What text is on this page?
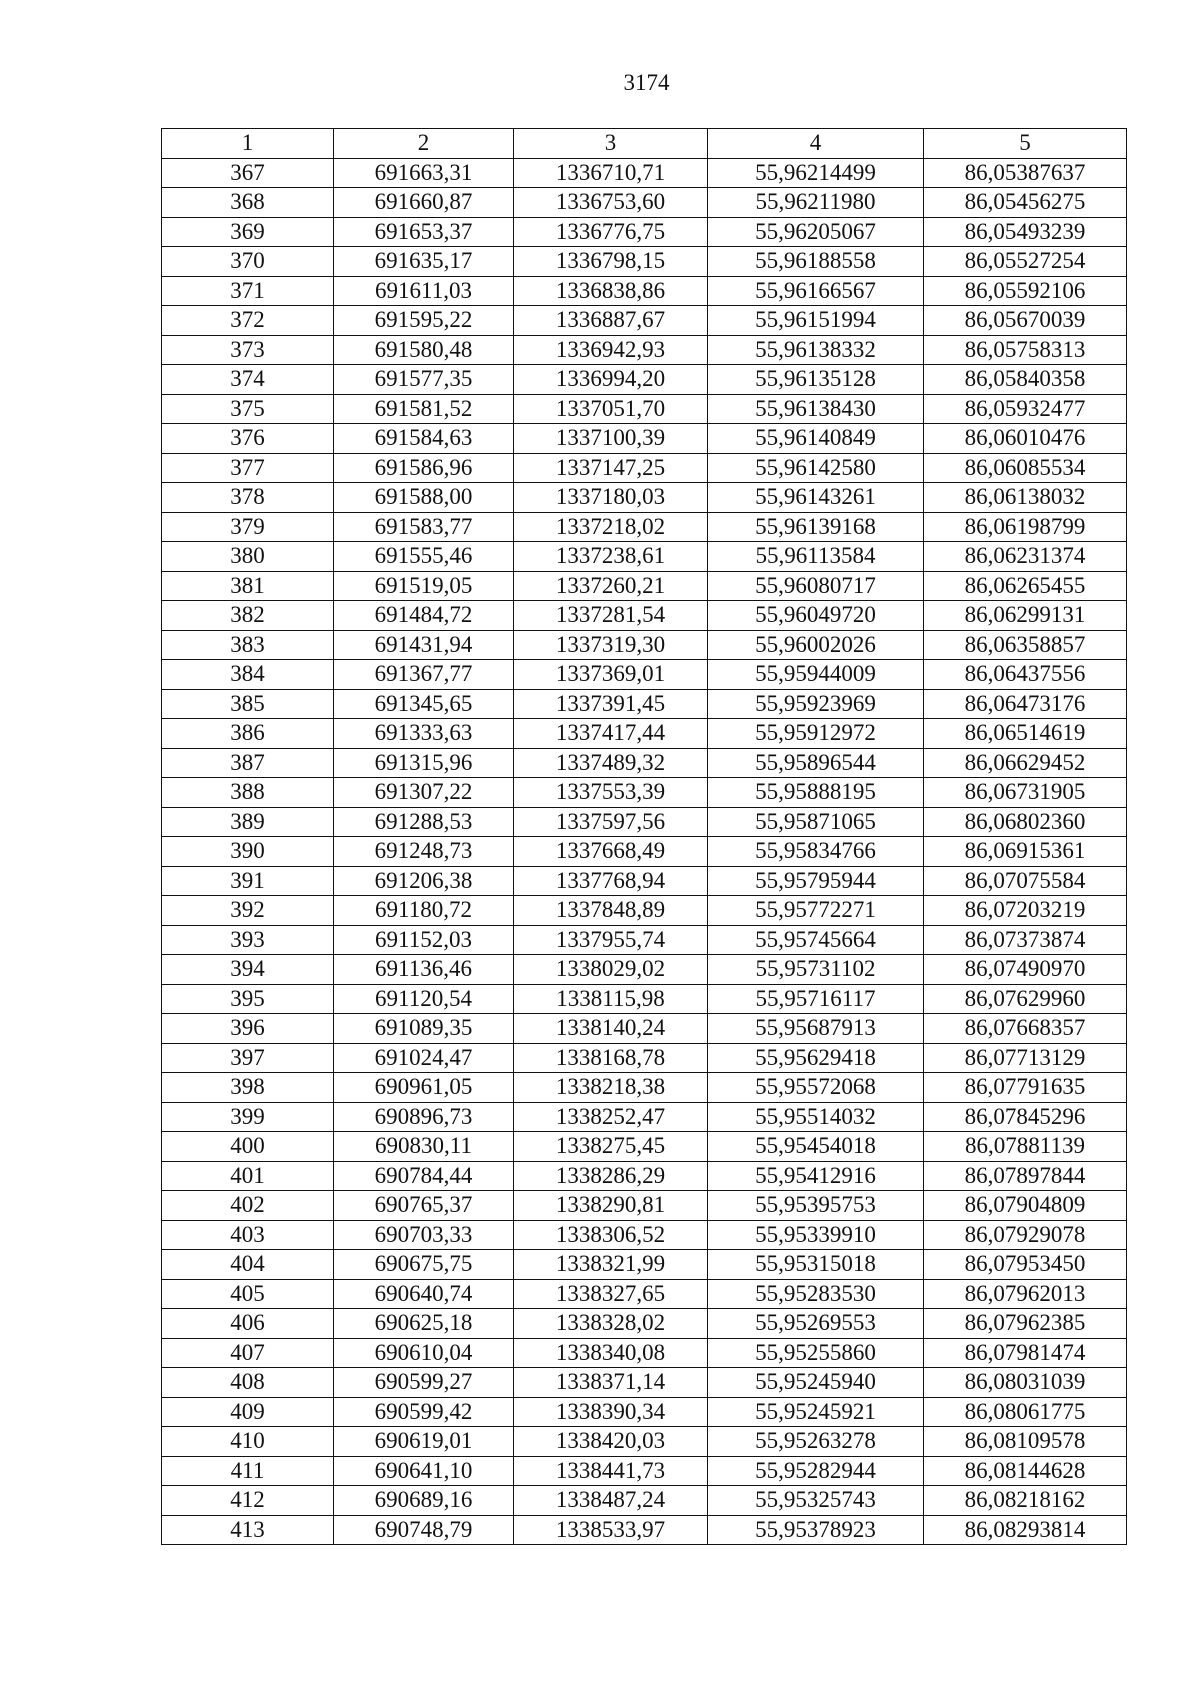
3174
1	2	3	4	5
367	691663,31	1336710,71	55,96214499	86,05387637
368	691660,87	1336753,60	55,96211980	86,05456275
369	691653,37	1336776,75	55,96205067	86,05493239
370	691635,17	1336798,15	55,96188558	86,05527254
371	691611,03	1336838,86	55,96166567	86,05592106
372	691595,22	1336887,67	55,96151994	86,05670039
373	691580,48	1336942,93	55,96138332	86,05758313
374	691577,35	1336994,20	55,96135128	86,05840358
375	691581,52	1337051,70	55,96138430	86,05932477
376	691584,63	1337100,39	55,96140849	86,06010476
377	691586,96	1337147,25	55,96142580	86,06085534
378	691588,00	1337180,03	55,96143261	86,06138032
379	691583,77	1337218,02	55,96139168	86,06198799
380	691555,46	1337238,61	55,96113584	86,06231374
381	691519,05	1337260,21	55,96080717	86,06265455
382	691484,72	1337281,54	55,96049720	86,06299131
383	691431,94	1337319,30	55,96002026	86,06358857
384	691367,77	1337369,01	55,95944009	86,06437556
385	691345,65	1337391,45	55,95923969	86,06473176
386	691333,63	1337417,44	55,95912972	86,06514619
387	691315,96	1337489,32	55,95896544	86,06629452
388	691307,22	1337553,39	55,95888195	86,06731905
389	691288,53	1337597,56	55,95871065	86,06802360
390	691248,73	1337668,49	55,95834766	86,06915361
391	691206,38	1337768,94	55,95795944	86,07075584
392	691180,72	1337848,89	55,95772271	86,07203219
393	691152,03	1337955,74	55,95745664	86,07373874
394	691136,46	1338029,02	55,95731102	86,07490970
395	691120,54	1338115,98	55,95716117	86,07629960
396	691089,35	1338140,24	55,95687913	86,07668357
397	691024,47	1338168,78	55,95629418	86,07713129
398	690961,05	1338218,38	55,95572068	86,07791635
399	690896,73	1338252,47	55,95514032	86,07845296
400	690830,11	1338275,45	55,95454018	86,07881139
401	690784,44	1338286,29	55,95412916	86,07897844
402	690765,37	1338290,81	55,95395753	86,07904809
403	690703,33	1338306,52	55,95339910	86,07929078
404	690675,75	1338321,99	55,95315018	86,07953450
405	690640,74	1338327,65	55,95283530	86,07962013
406	690625,18	1338328,02	55,95269553	86,07962385
407	690610,04	1338340,08	55,95255860	86,07981474
408	690599,27	1338371,14	55,95245940	86,08031039
409	690599,42	1338390,34	55,95245921	86,08061775
410	690619,01	1338420,03	55,95263278	86,08109578
411	690641,10	1338441,73	55,95282944	86,08144628
412	690689,16	1338487,24	55,95325743	86,08218162
413	690748,79	1338533,97	55,95378923	86,08293814
